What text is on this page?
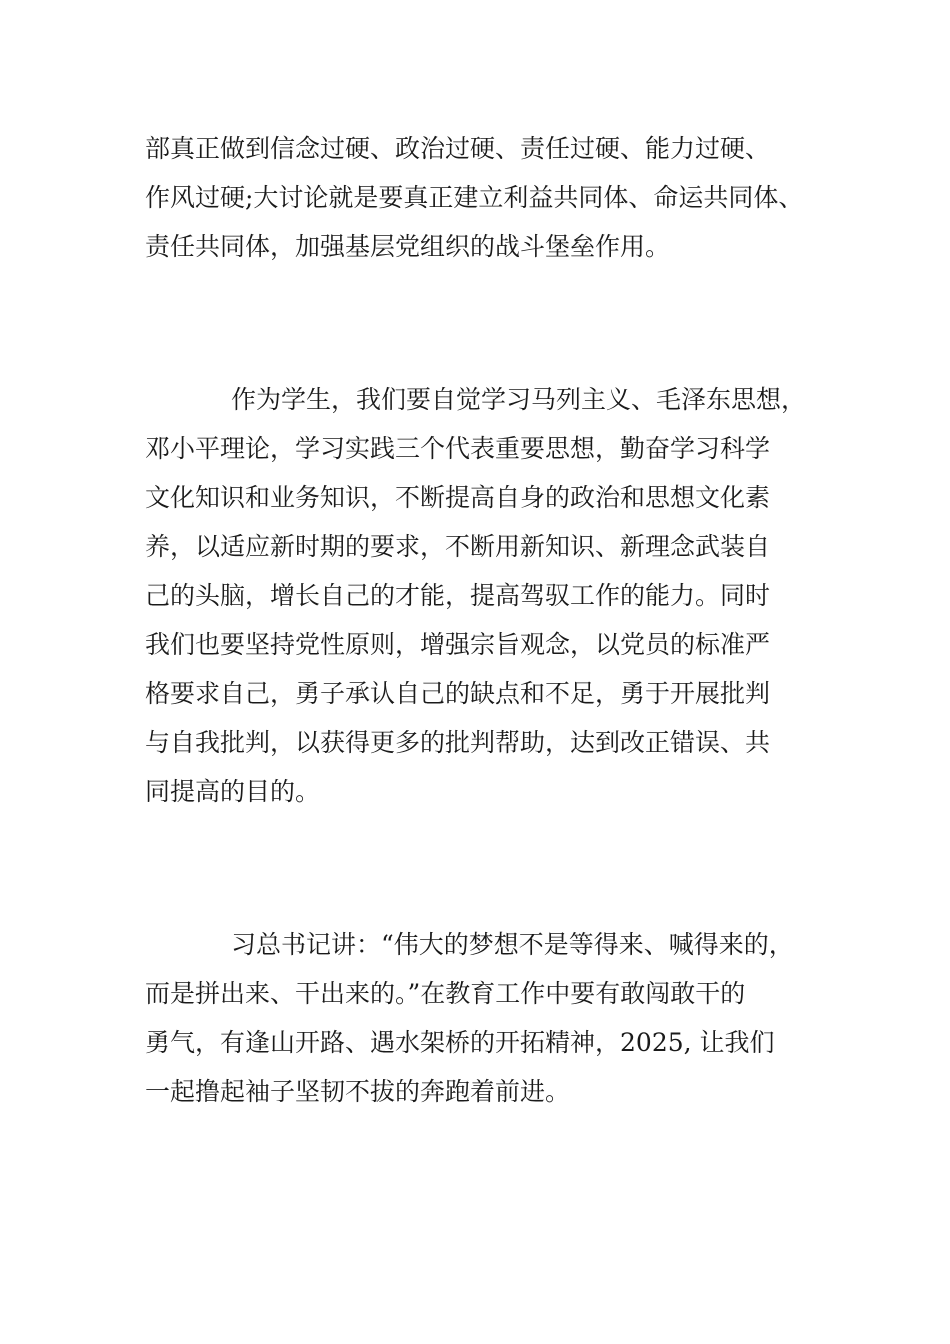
部真正做到信念过硬、政治过硬、责任过硬、能力过硬、
作风过硬;大讨论就是要真正建立利益共同体、命运共同体、
责任共同体，加强基层党组织的战斗堡垒作用。

作为学生，我们要自觉学习马列主义、毛泽东思想，
邓小平理论，学习实践三个代表重要思想，勤奋学习科学
文化知识和业务知识，不断提高自身的政治和思想文化素
养，以适应新时期的要求，不断用新知识、新理念武装自
己的头脑，增长自己的才能，提高驾驭工作的能力。同时
我们也要坚持党性原则，增强宗旨观念，以党员的标准严
格要求自己，勇子承认自己的缺点和不足，勇于开展批判
与自我批判，以获得更多的批判帮助，达到改正错误、共
同提高的目的。

习总书记讲：“伟大的梦想不是等得来、喊得来的，
而是拼出来、干出来的。”在教育工作中要有敢闯敢干的
勇气，有逢山开路、遇水架桥的开拓精神，2025, 让我们
一起撸起袖子坚韧不拔的奔跑着前进。
